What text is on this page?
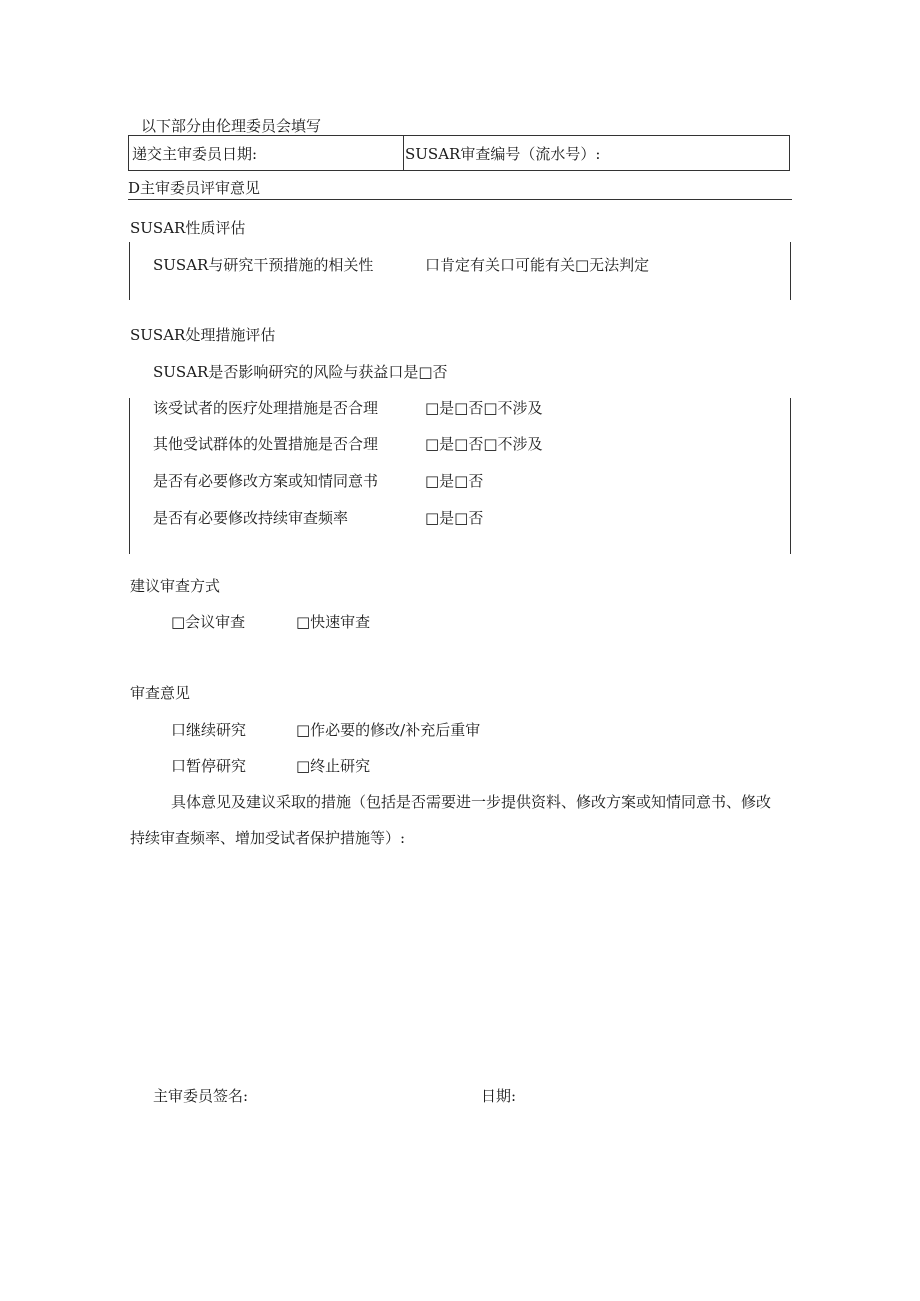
以下部分由伦理委员会填写
递交主审委员日期:	SUSAR审查编号（流水号）:
D主审委员评审意见
SUSAR性质评估
SUSAR与研究干预措施的相关性	口肯定有关口可能有关□无法判定
SUSAR处理措施评估
SUSAR是否影响研究的风险与获益口是□否
该受试者的医疗处理措施是否合理	□是□否□不涉及
其他受试群体的处置措施是否合理	□是□否□不涉及
是否有必要修改方案或知情同意书	□是□否
是否有必要修改持续审查频率	□是□否
建议审查方式
□会议审查	□快速审查
审查意见
口继续研究	□作必要的修改/补充后重审
口暂停研究	□终止研究
具体意见及建议采取的措施（包括是否需要进一步提供资料、修改方案或知情同意书、修改
持续审查频率、增加受试者保护措施等）:
主审委员签名:	日期:
